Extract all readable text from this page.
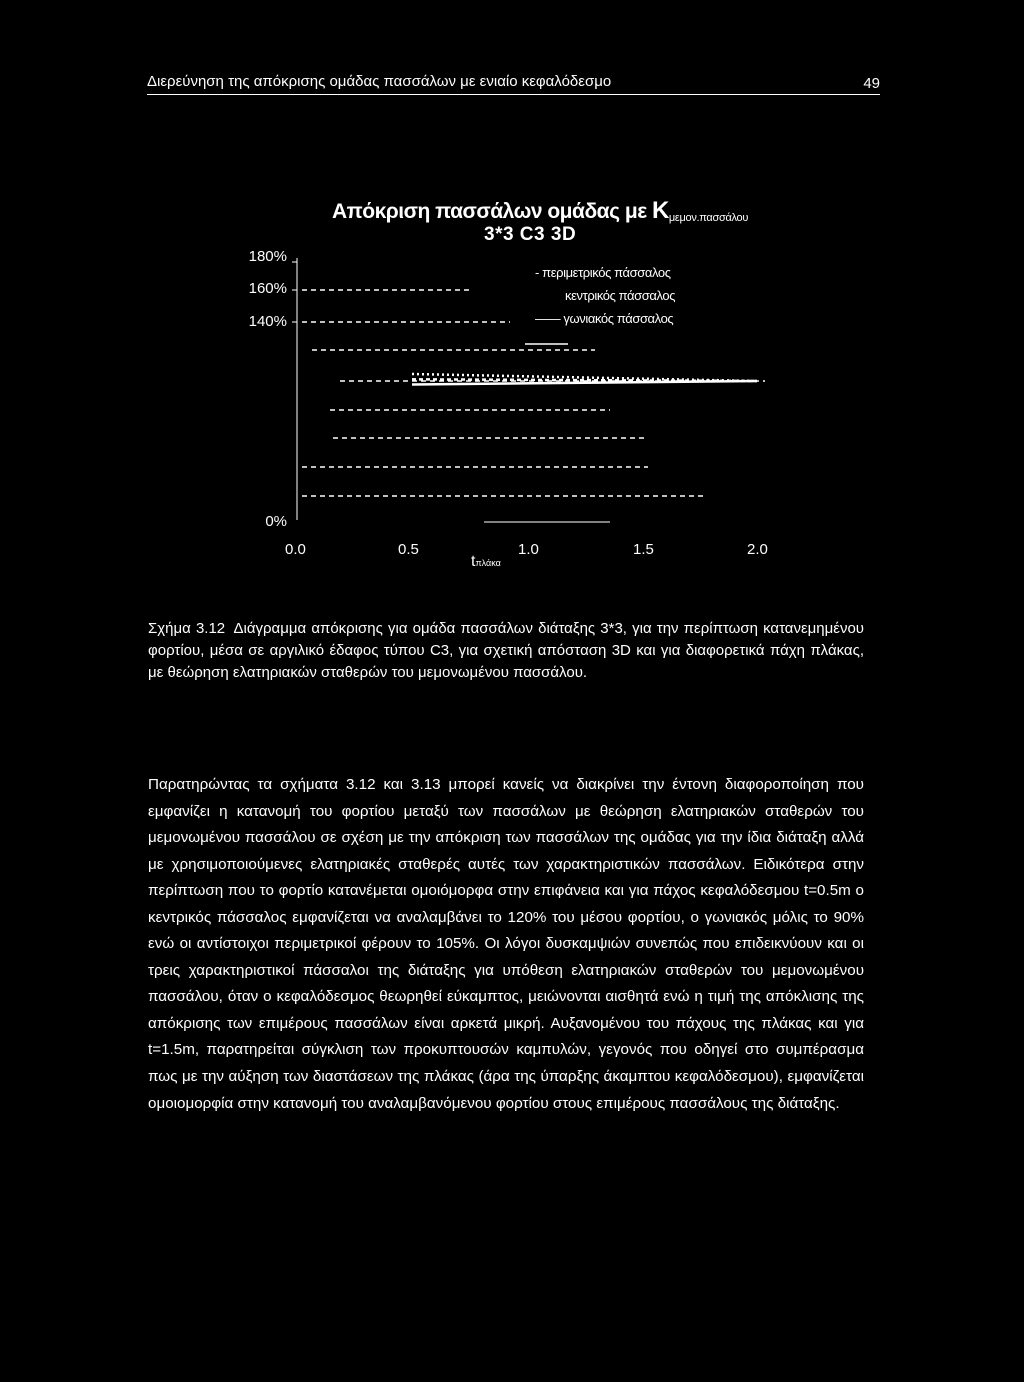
Διερεύνηση της απόκρισης ομάδας πασσάλων με ενιαίο κεφαλόδεσμο	49
Απόκριση πασσάλων ομάδας με $K_{\mu\varepsilon\mu o\nu.\pi\alpha\sigma\sigma ά\lambda o\upsilon}$
3*3 C3 3D
180%
160%
140%
0%
0.0	0.5	1.0	1.5	2.0
tπλάκα
- περιμετρικός πάσσαλος
κεντρικός πάσσαλος
—— γωνιακός πάσσαλος
Σχήμα 3.12 Διάγραμμα απόκρισης για ομάδα πασσάλων διάταξης 3*3, για την περίπτωση κατανεμημένου φορτίου, μέσα σε αργιλικό έδαφος τύπου C3, για σχετική απόσταση 3D και για διαφορετικά πάχη πλάκας, με θεώρηση ελατηριακών σταθερών του μεμονωμένου πασσάλου.

Παρατηρώντας τα σχήματα 3.12 και 3.13 μπορεί κανείς να διακρίνει την έντονη διαφοροποίηση που εμφανίζει η κατανομή του φορτίου μεταξύ των πασσάλων με θεώρηση ελατηριακών σταθερών του μεμονωμένου πασσάλου σε σχέση με την απόκριση των πασσάλων της ομάδας για την ίδια διάταξη αλλά με χρησιμοποιούμενες ελατηριακές σταθερές αυτές των χαρακτηριστικών πασσάλων. Ειδικότερα στην περίπτωση που το φορτίο κατανέμεται ομοιόμορφα στην επιφάνεια και για πάχος κεφαλόδεσμου t=0.5m ο κεντρικός πάσσαλος εμφανίζεται να αναλαμβάνει το 120% του μέσου φορτίου, ο γωνιακός μόλις το 90% ενώ οι αντίστοιχοι περιμετρικοί φέρουν το 105%. Οι λόγοι δυσκαμψιών συνεπώς που επιδεικνύουν και οι τρεις χαρακτηριστικοί πάσσαλοι της διάταξης για υπόθεση ελατηριακών σταθερών του μεμονωμένου πασσάλου, όταν ο κεφαλόδεσμος θεωρηθεί εύκαμπτος, μειώνονται αισθητά ενώ η τιμή της απόκλισης της απόκρισης των επιμέρους πασσάλων είναι αρκετά μικρή. Αυξανομένου του πάχους της πλάκας και για t=1.5m, παρατηρείται σύγκλιση των προκυπτουσών καμπυλών, γεγονός που οδηγεί στο συμπέρασμα πως με την αύξηση των διαστάσεων της πλάκας (άρα της ύπαρξης άκαμπτου κεφαλόδεσμου), εμφανίζεται ομοιομορφία στην κατανομή του αναλαμβανόμενου φορτίου στους επιμέρους πασσάλους της διάταξης.
